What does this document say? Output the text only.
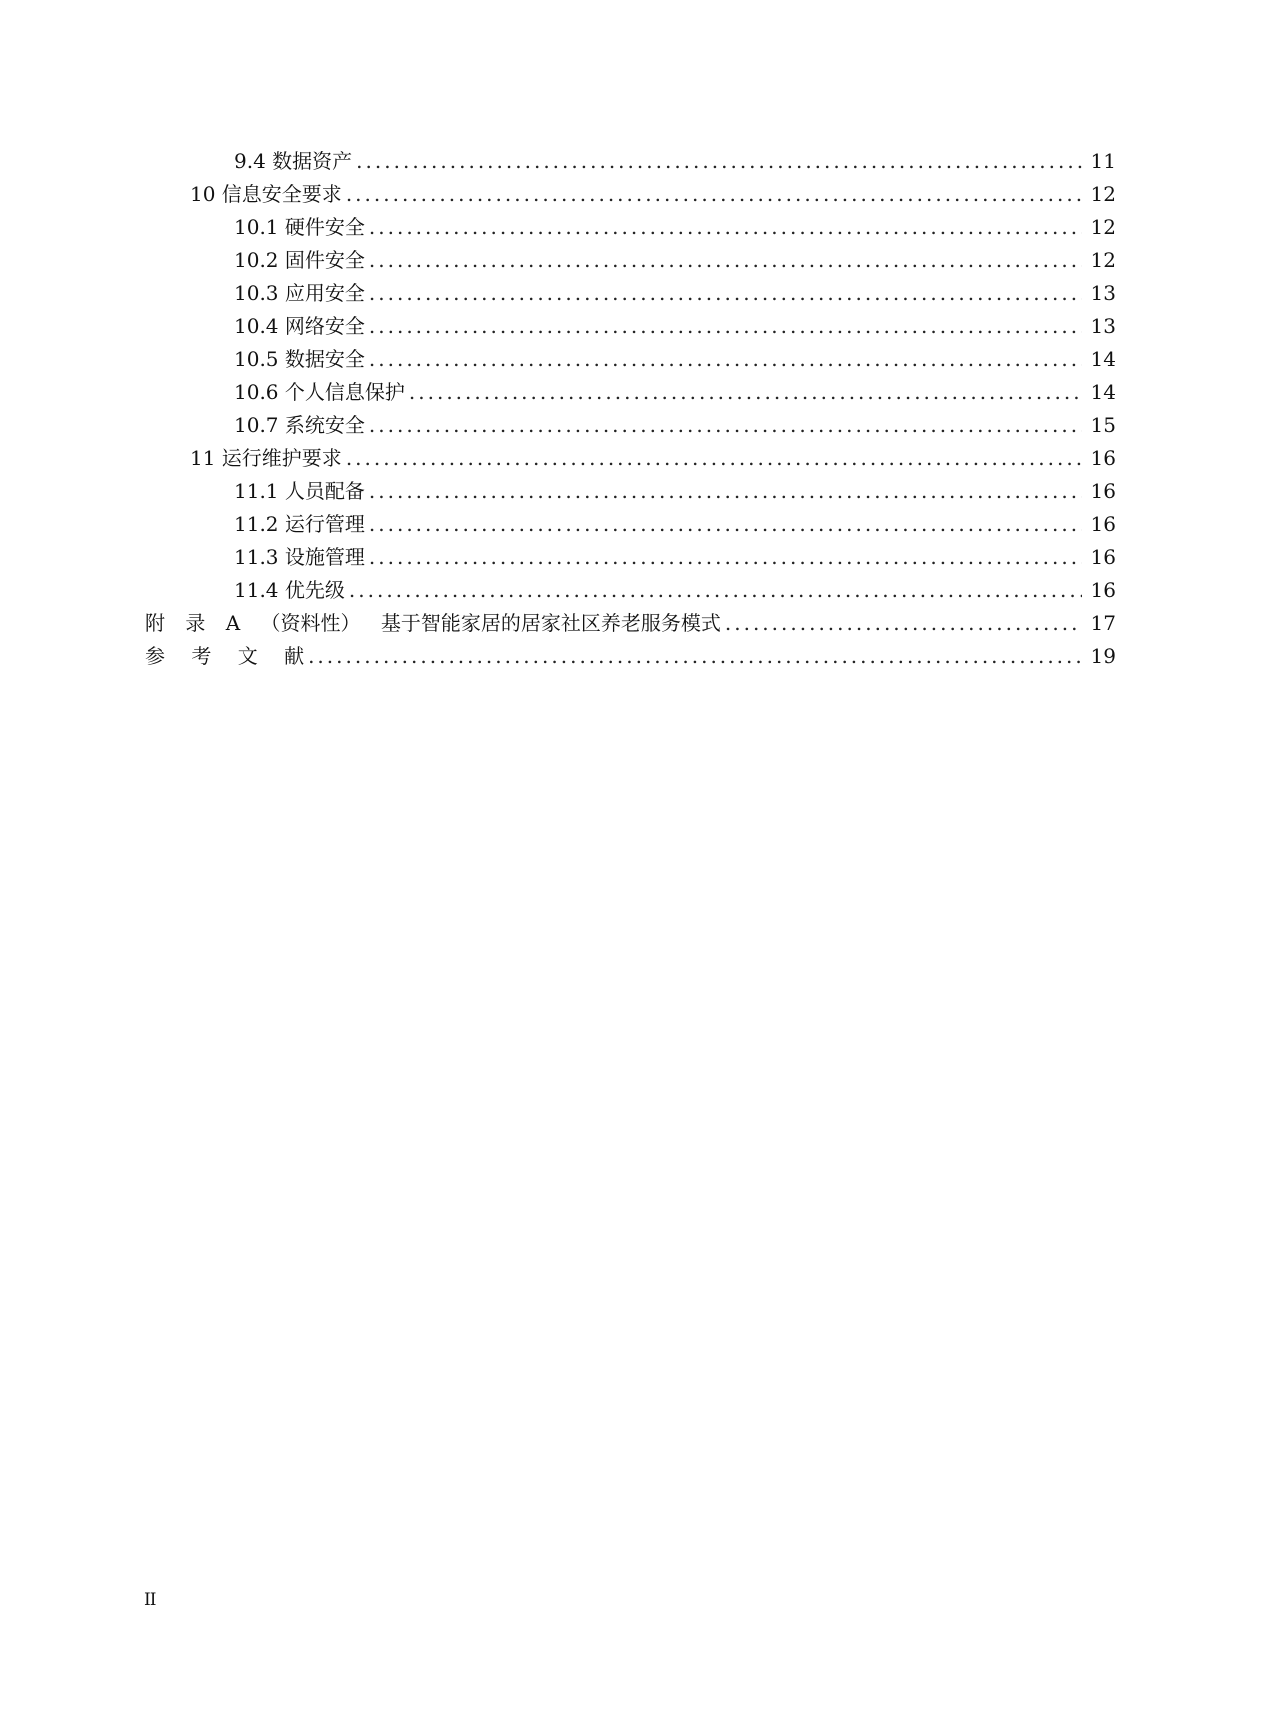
9.4 数据资产 .....	11
10 信息安全要求 .....	12
10.1 硬件安全 .....	12
10.2 固件安全 .....	12
10.3 应用安全 .....	13
10.4 网络安全 .....	13
10.5 数据安全 .....	14
10.6 个人信息保护 .....	14
10.7 系统安全 .....	15
11 运行维护要求 .....	16
11.1 人员配备 .....	16
11.2 运行管理 .....	16
11.3 设施管理 .....	16
11.4 优先级 .....	16
附 录 A （资料性） 基于智能家居的居家社区养老服务模式 .....	17
参 考 文 献 .....	19
II
